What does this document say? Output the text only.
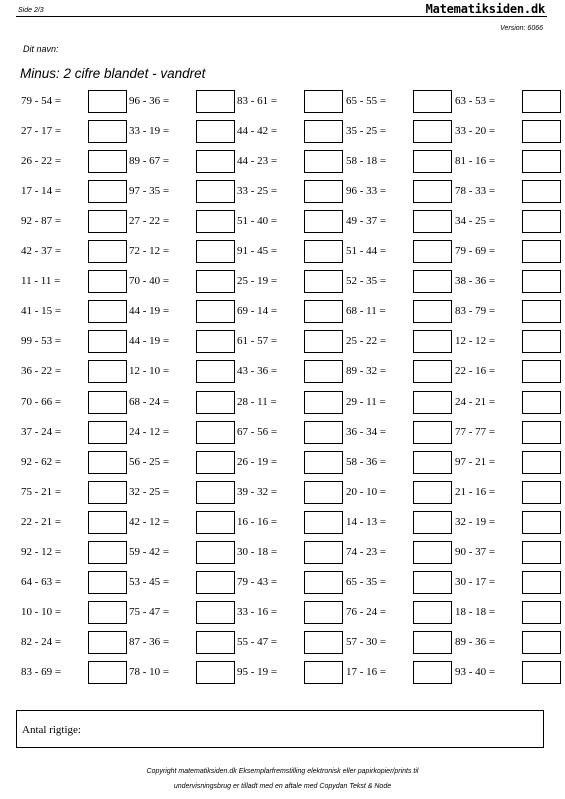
Side 2/3	Matematiksiden.dk
Version: 6066
Dit navn:
Minus: 2 cifre blandet - vandret
79 - 54 =	96 - 36 =	83 - 61 =	65 - 55 =	63 - 53 =
27 - 17 =	33 - 19 =	44 - 42 =	35 - 25 =	33 - 20 =
26 - 22 =	89 - 67 =	44 - 23 =	58 - 18 =	81 - 16 =
17 - 14 =	97 - 35 =	33 - 25 =	96 - 33 =	78 - 33 =
92 - 87 =	27 - 22 =	51 - 40 =	49 - 37 =	34 - 25 =
42 - 37 =	72 - 12 =	91 - 45 =	51 - 44 =	79 - 69 =
11 - 11 =	70 - 40 =	25 - 19 =	52 - 35 =	38 - 36 =
41 - 15 =	44 - 19 =	69 - 14 =	68 - 11 =	83 - 79 =
99 - 53 =	44 - 19 =	61 - 57 =	25 - 22 =	12 - 12 =
36 - 22 =	12 - 10 =	43 - 36 =	89 - 32 =	22 - 16 =
70 - 66 =	68 - 24 =	28 - 11 =	29 - 11 =	24 - 21 =
37 - 24 =	24 - 12 =	67 - 56 =	36 - 34 =	77 - 77 =
92 - 62 =	56 - 25 =	26 - 19 =	58 - 36 =	97 - 21 =
75 - 21 =	32 - 25 =	39 - 32 =	20 - 10 =	21 - 16 =
22 - 21 =	42 - 12 =	16 - 16 =	14 - 13 =	32 - 19 =
92 - 12 =	59 - 42 =	30 - 18 =	74 - 23 =	90 - 37 =
64 - 63 =	53 - 45 =	79 - 43 =	65 - 35 =	30 - 17 =
10 - 10 =	75 - 47 =	33 - 16 =	76 - 24 =	18 - 18 =
82 - 24 =	87 - 36 =	55 - 47 =	57 - 30 =	89 - 36 =
83 - 69 =	78 - 10 =	95 - 19 =	17 - 16 =	93 - 40 =
Antal rigtige:
Copyright matematiksiden.dk Eksemplarfremstilling elektronisk eller papirkopier/prints til
undervisningsbrug er tilladt med en aftale med Copydan Tekst & Node
